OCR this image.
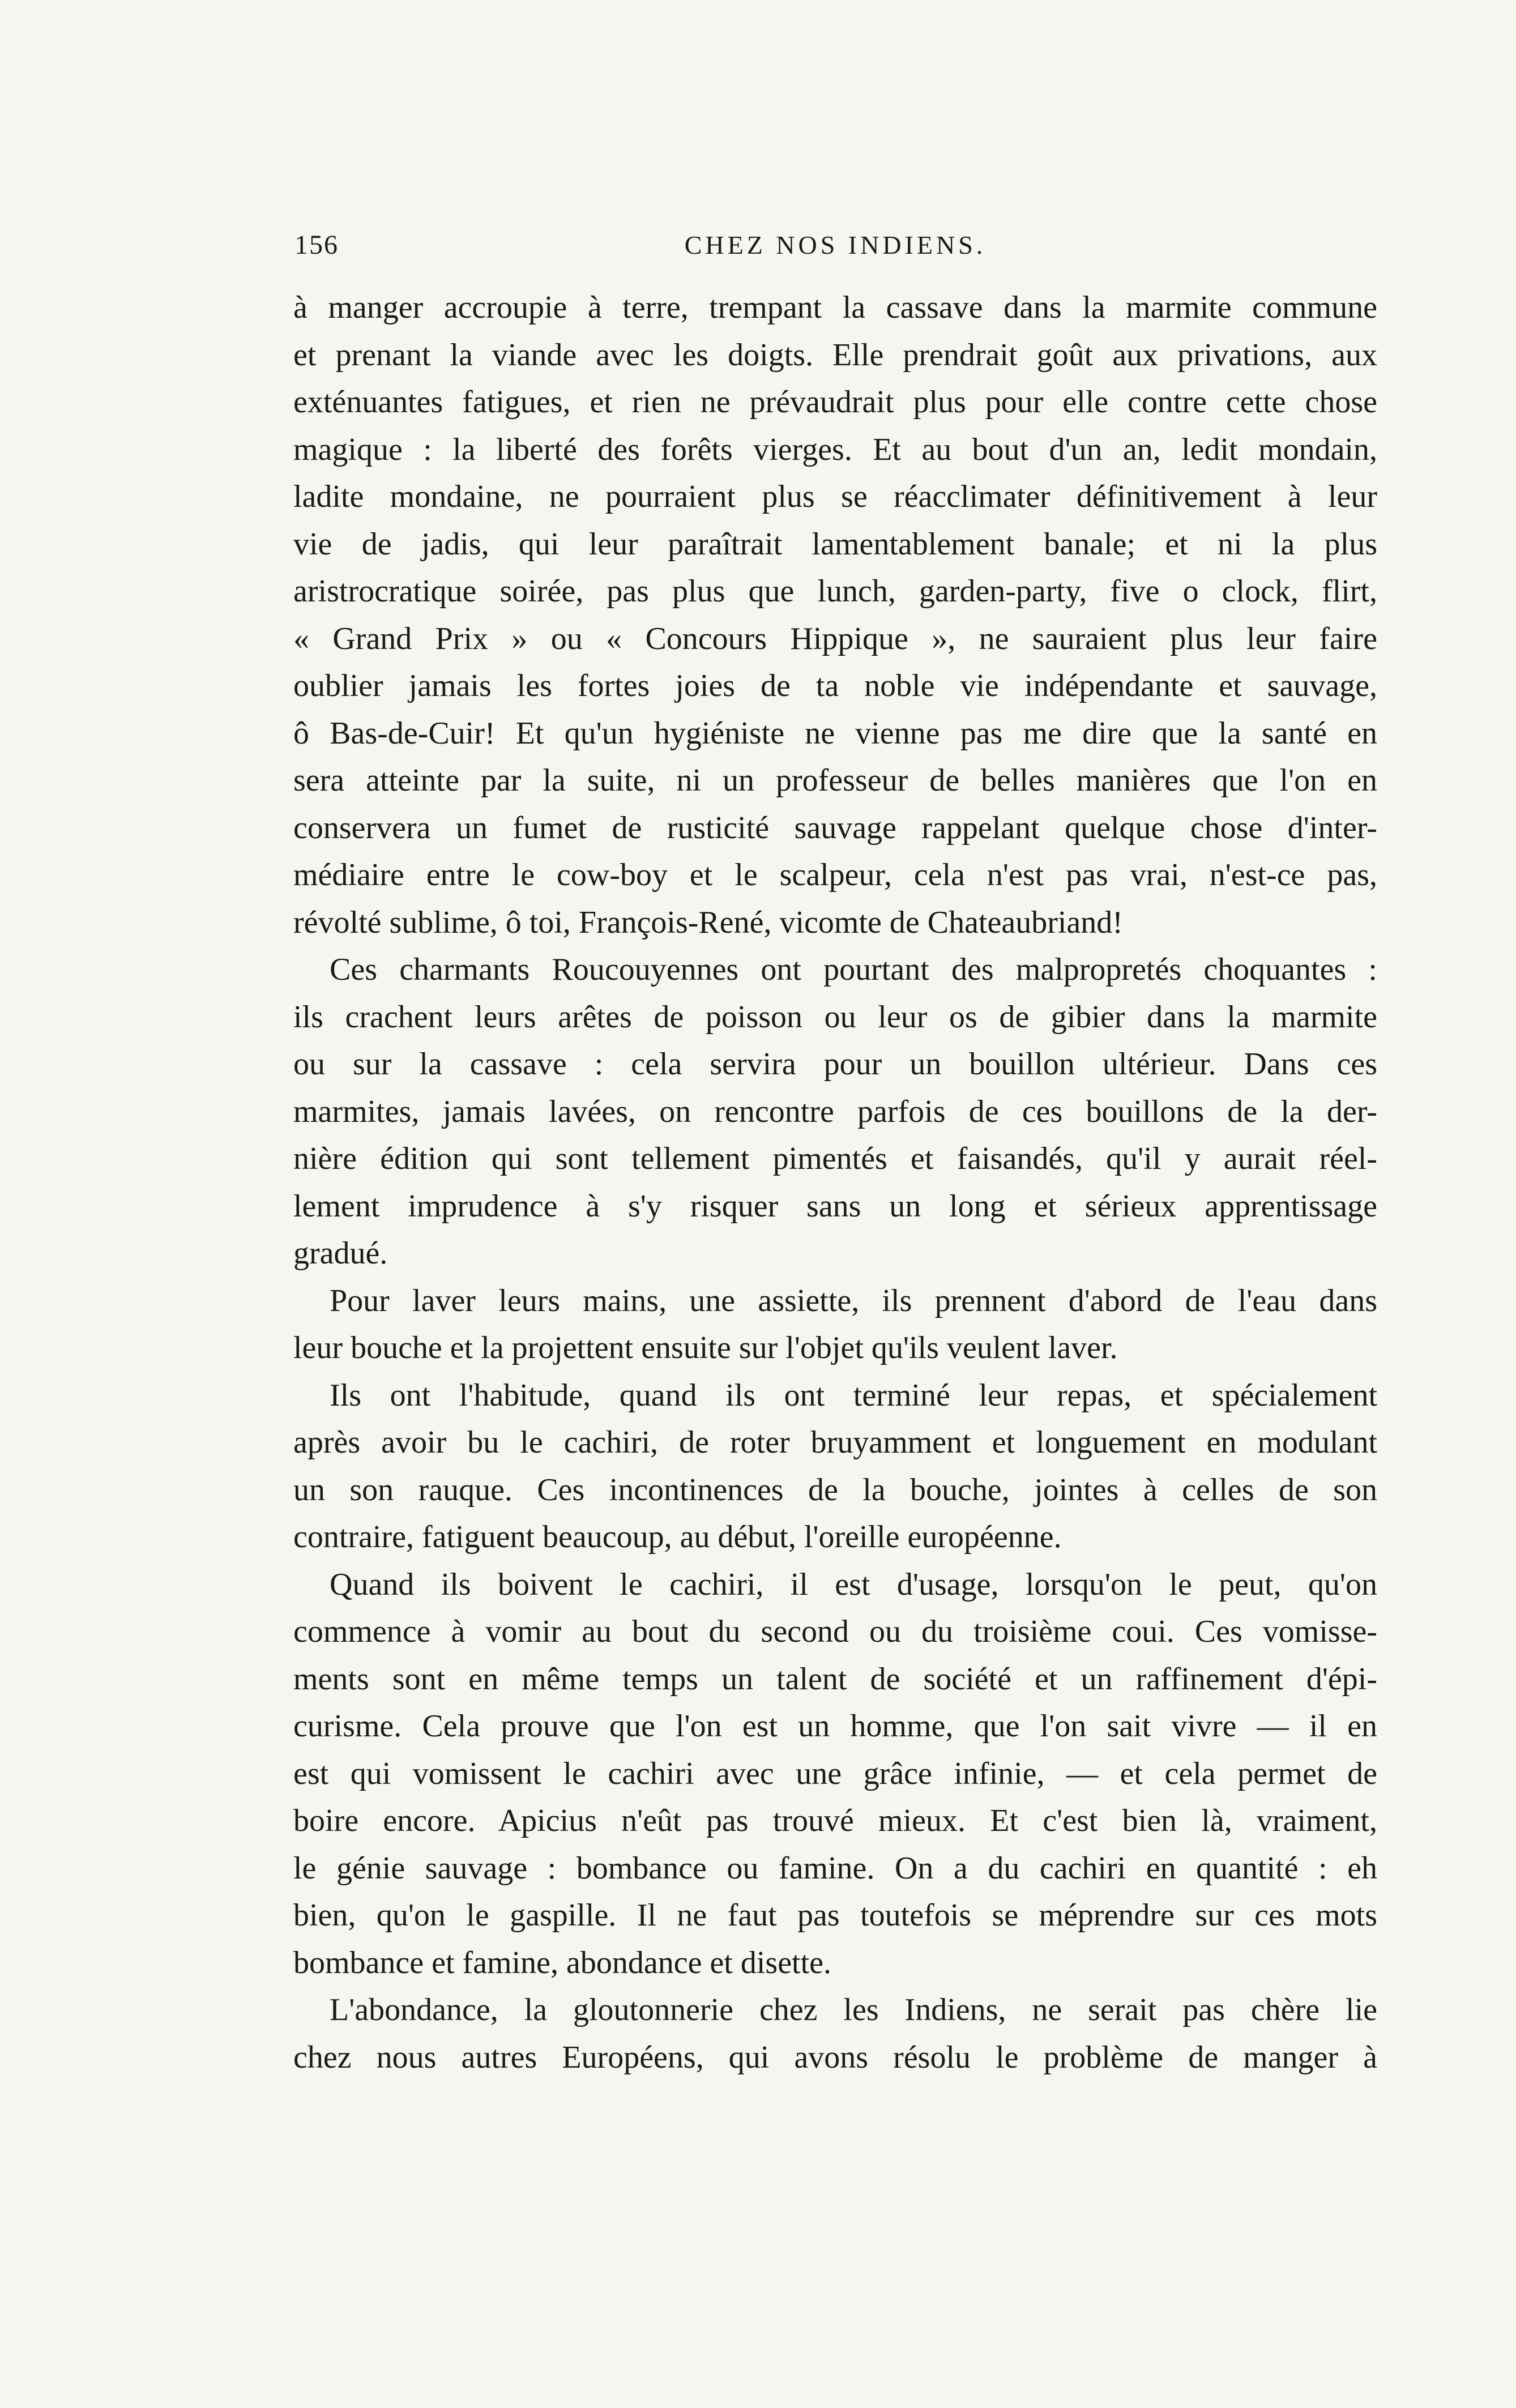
156	CHEZ NOS INDIENS.
à manger accroupie à terre, trempant la cassave dans la marmite commune
et prenant la viande avec les doigts. Elle prendrait goût aux privations, aux
exténuantes fatigues, et rien ne prévaudrait plus pour elle contre cette chose
magique : la liberté des forêts vierges. Et au bout d'un an, ledit mondain,
ladite mondaine, ne pourraient plus se réacclimater définitivement à leur
vie de jadis, qui leur paraîtrait lamentablement banale; et ni la plus
aristrocratique soirée, pas plus que lunch, garden-party, five o clock, flirt,
« Grand Prix » ou « Concours Hippique », ne sauraient plus leur faire
oublier jamais les fortes joies de ta noble vie indépendante et sauvage,
ô Bas-de-Cuir! Et qu'un hygiéniste ne vienne pas me dire que la santé en
sera atteinte par la suite, ni un professeur de belles manières que l'on en
conservera un fumet de rusticité sauvage rappelant quelque chose d'inter-
médiaire entre le cow-boy et le scalpeur, cela n'est pas vrai, n'est-ce pas,
révolté sublime, ô toi, François-René, vicomte de Chateaubriand!
Ces charmants Roucouyennes ont pourtant des malpropretés choquantes :
ils crachent leurs arêtes de poisson ou leur os de gibier dans la marmite
ou sur la cassave : cela servira pour un bouillon ultérieur. Dans ces
marmites, jamais lavées, on rencontre parfois de ces bouillons de la der-
nière édition qui sont tellement pimentés et faisandés, qu'il y aurait réel-
lement imprudence à s'y risquer sans un long et sérieux apprentissage
gradué.
Pour laver leurs mains, une assiette, ils prennent d'abord de l'eau dans
leur bouche et la projettent ensuite sur l'objet qu'ils veulent laver.
Ils ont l'habitude, quand ils ont terminé leur repas, et spécialement
après avoir bu le cachiri, de roter bruyamment et longuement en modulant
un son rauque. Ces incontinences de la bouche, jointes à celles de son
contraire, fatiguent beaucoup, au début, l'oreille européenne.
Quand ils boivent le cachiri, il est d'usage, lorsqu'on le peut, qu'on
commence à vomir au bout du second ou du troisième coui. Ces vomisse-
ments sont en même temps un talent de société et un raffinement d'épi-
curisme. Cela prouve que l'on est un homme, que l'on sait vivre — il en
est qui vomissent le cachiri avec une grâce infinie, — et cela permet de
boire encore. Apicius n'eût pas trouvé mieux. Et c'est bien là, vraiment,
le génie sauvage : bombance ou famine. On a du cachiri en quantité : eh
bien, qu'on le gaspille. Il ne faut pas toutefois se méprendre sur ces mots
bombance et famine, abondance et disette.
L'abondance, la gloutonnerie chez les Indiens, ne serait pas chère lie
chez nous autres Européens, qui avons résolu le problème de manger à
